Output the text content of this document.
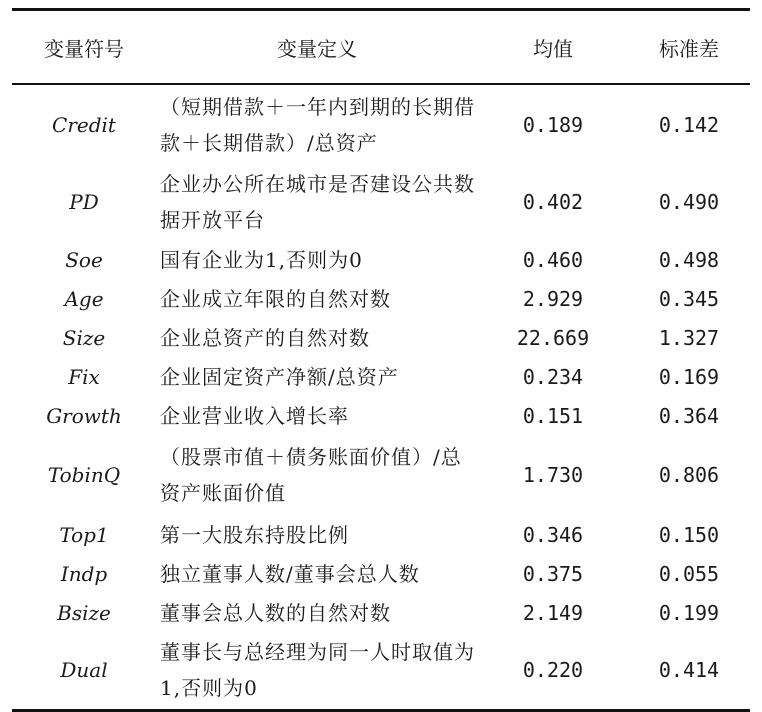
变量符号	变量定义	均值	标准差
Credit	（短期借款＋一年内到期的长期借款＋长期借款）/总资产	0.189	0.142
PD	企业办公所在城市是否建设公共数据开放平台	0.402	0.490
Soe	国有企业为1,否则为0	0.460	0.498
Age	企业成立年限的自然对数	2.929	0.345
Size	企业总资产的自然对数	22.669	1.327
Fix	企业固定资产净额/总资产	0.234	0.169
Growth	企业营业收入增长率	0.151	0.364
TobinQ	（股票市值＋债务账面价值）/总资产账面价值	1.730	0.806
Top1	第一大股东持股比例	0.346	0.150
Indp	独立董事人数/董事会总人数	0.375	0.055
Bsize	董事会总人数的自然对数	2.149	0.199
Dual	董事长与总经理为同一人时取值为1,否则为0	0.220	0.414
